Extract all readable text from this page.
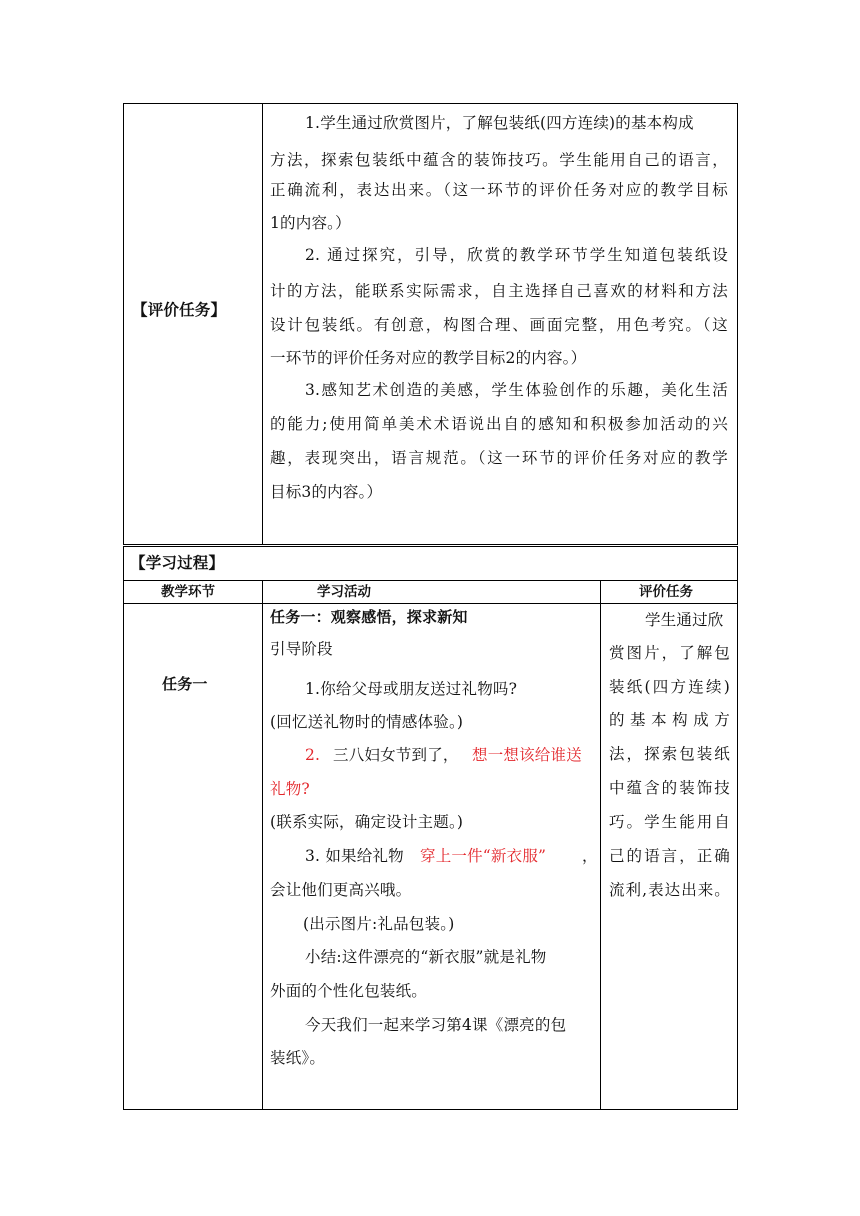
【评价任务】
1.学生通过欣赏图片，了解包装纸(四方连续)的基本构成
方法，探索包装纸中蕴含的装饰技巧。学生能用自己的语言，
正确流利，表达出来。（这一环节的评价任务对应的教学目标
1的内容。）
2. 通过探究，引导，欣赏的教学环节学生知道包装纸设
计的方法，能联系实际需求，自主选择自己喜欢的材料和方法
设计包装纸。有创意，构图合理、画面完整，用色考究。（这
一环节的评价任务对应的教学目标2的内容。）
3.感知艺术创造的美感，学生体验创作的乐趣，美化生活
的能力;使用简单美术术语说出自的感知和积极参加活动的兴
趣，表现突出，语言规范。（这一环节的评价任务对应的教学
目标3的内容。）
【学习过程】
教学环节	学习活动	评价任务
任务一
任务一：观察感悟，探求新知
引导阶段
1.你给父母或朋友送过礼物吗?
(回忆送礼物时的情感体验。)
2. 三八妇女节到了， 想一想该给谁送
礼物?
(联系实际，确定设计主题。)
3. 如果给礼物 穿上一件“新衣服” ，
会让他们更高兴哦。
(出示图片:礼品包装。)
小结:这件漂亮的“新衣服”就是礼物
外面的个性化包装纸。
今天我们一起来学习第4课《漂亮的包
装纸》。
学生通过欣
赏图片，了解包
装纸(四方连续)
的基本构成方
法，探索包装纸
中蕴含的装饰技
巧。学生能用自
己的语言，正确
流利,表达出来。
